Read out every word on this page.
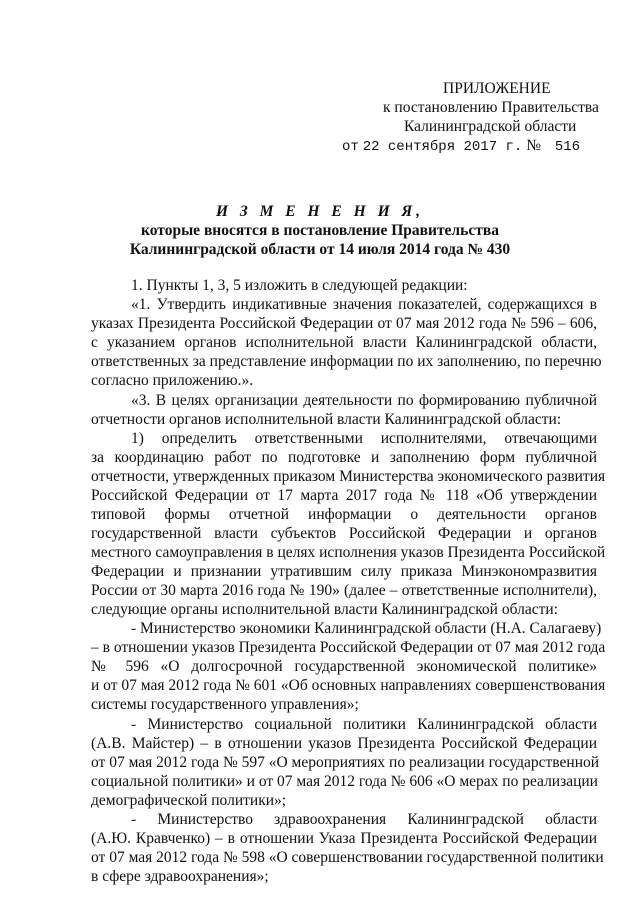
ПРИЛОЖЕНИЕ
к постановлению Правительства
Калининградской области
от 22 сентября 2017 г. № 516
И З М Е Н Е Н И Я,
которые вносятся в постановление Правительства
Калининградской области от 14 июля 2014 года № 430
1. Пункты 1, 3, 5 изложить в следующей редакции:
«1. Утвердить индикативные значения показателей, содержащихся в
указах Президента Российской Федерации от 07 мая 2012 года № 596 – 606,
с указанием органов исполнительной власти Калининградской области,
ответственных за представление информации по их заполнению, по перечню
согласно приложению.».
«3. В целях организации деятельности по формированию публичной
отчетности органов исполнительной власти Калининградской области:
1) определить ответственными исполнителями, отвечающими
за координацию работ по подготовке и заполнению форм публичной
отчетности, утвержденных приказом Министерства экономического развития
Российской Федерации от 17 марта 2017 года № 118 «Об утверждении
типовой формы отчетной информации о деятельности органов
государственной власти субъектов Российской Федерации и органов
местного самоуправления в целях исполнения указов Президента Российской
Федерации и признании утратившим силу приказа Минэкономразвития
России от 30 марта 2016 года № 190» (далее – ответственные исполнители),
следующие органы исполнительной власти Калининградской области:
- Министерство экономики Калининградской области (Н.А. Салагаеву)
– в отношении указов Президента Российской Федерации от 07 мая 2012 года
№ 596 «О долгосрочной государственной экономической политике»
и от 07 мая 2012 года № 601 «Об основных направлениях совершенствования
системы государственного управления»;
- Министерство социальной политики Калининградской области
(А.В. Майстер) – в отношении указов Президента Российской Федерации
от 07 мая 2012 года № 597 «О мероприятиях по реализации государственной
социальной политики» и от 07 мая 2012 года № 606 «О мерах по реализации
демографической политики»;
- Министерство здравоохранения Калининградской области
(А.Ю. Кравченко) – в отношении Указа Президента Российской Федерации
от 07 мая 2012 года № 598 «О совершенствовании государственной политики
в сфере здравоохранения»;
